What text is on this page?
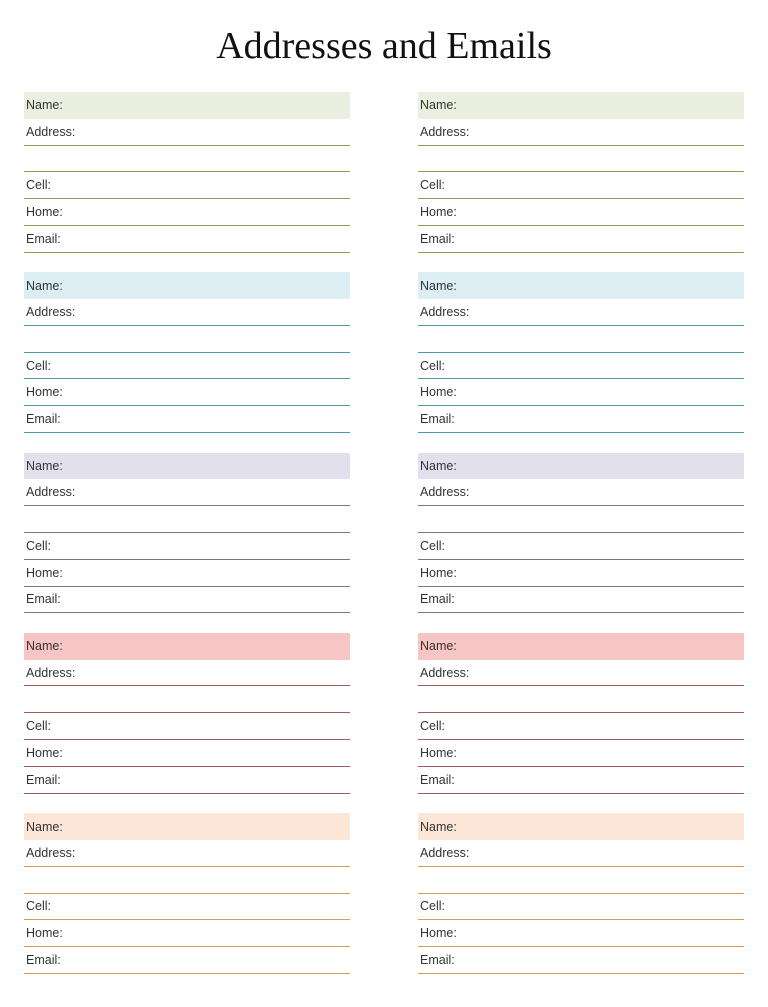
Addresses and Emails
Name:
Address:
Cell:
Home:
Email:
Name:
Address:
Cell:
Home:
Email:
Name:
Address:
Cell:
Home:
Email:
Name:
Address:
Cell:
Home:
Email:
Name:
Address:
Cell:
Home:
Email:
Name:
Address:
Cell:
Home:
Email:
Name:
Address:
Cell:
Home:
Email:
Name:
Address:
Cell:
Home:
Email:
Name:
Address:
Cell:
Home:
Email:
Name:
Address:
Cell:
Home:
Email:
